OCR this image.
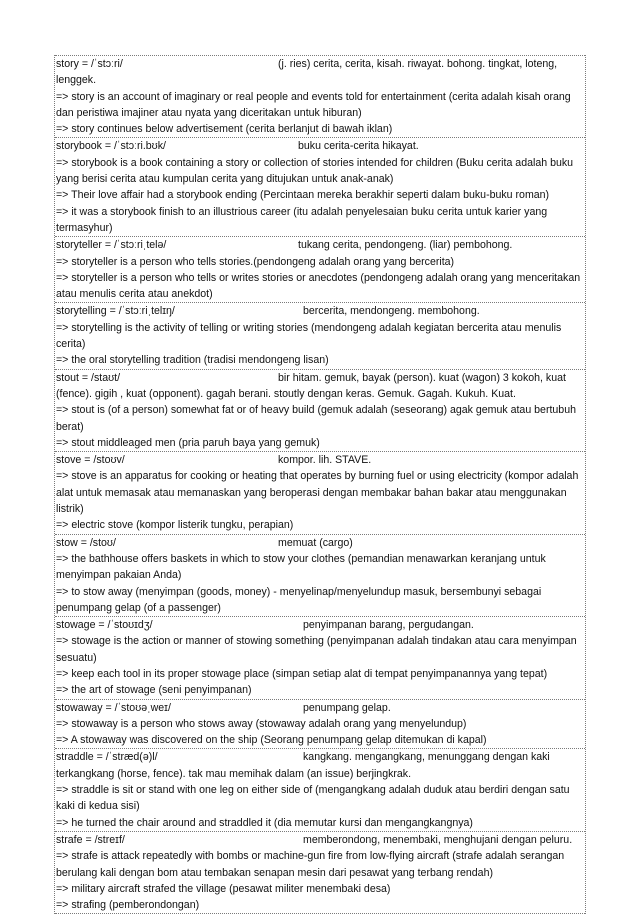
story = /ˈstɔːri/	(j. ries) cerita, cerita, kisah. riwayat. bohong. tingkat, loteng,
lenggek.
=> story is an account of imaginary or real people and events told for entertainment (cerita adalah kisah orang dan peristiwa imajiner atau nyata yang diceritakan untuk hiburan)
=> story continues below advertisement (cerita berlanjut di bawah iklan)
storybook = /ˈstɔːri.bʊk/	buku cerita-cerita hikayat.
=> storybook is a book containing a story or collection of stories intended for children (Buku cerita adalah buku yang berisi cerita atau kumpulan cerita yang ditujukan untuk anak-anak)
=> Their love affair had a storybook ending (Percintaan mereka berakhir seperti dalam buku-buku roman)
=> it was a storybook finish to an illustrious career (itu adalah penyelesaian buku cerita untuk karier yang termasyhur)
storyteller = /ˈstɔːriˌtelə/	tukang cerita, pendongeng. (liar) pembohong.
=> storyteller is a person who tells stories.(pendongeng adalah orang yang bercerita)
=> storyteller is a person who tells or writes stories or anecdotes (pendongeng adalah orang yang menceritakan atau menulis cerita atau anekdot)
storytelling = /ˈstɔːriˌtelɪŋ/	bercerita, mendongeng. membohong.
=> storytelling is the activity of telling or writing stories (mendongeng adalah kegiatan bercerita atau menulis cerita)
=> the oral storytelling tradition (tradisi mendongeng lisan)
stout = /staʊt/	bir hitam. gemuk, bayak (person). kuat (wagon) 3 kokoh, kuat
(fence). gigih , kuat (opponent). gagah berani. stoutly dengan keras. Gemuk. Gagah. Kukuh. Kuat.
=> stout is (of a person) somewhat fat or of heavy build (gemuk adalah (seseorang) agak gemuk atau bertubuh berat)
=> stout middleaged men (pria paruh baya yang gemuk)
stove = /stoʊv/	kompor. lih. STAVE.
=> stove is an apparatus for cooking or heating that operates by burning fuel or using electricity (kompor adalah alat untuk memasak atau memanaskan yang beroperasi dengan membakar bahan bakar atau menggunakan listrik)
=> electric stove (kompor listerik tungku, perapian)
stow = /stoʊ/	memuat (cargo)
=> the bathhouse offers baskets in which to stow your clothes (pemandian menawarkan keranjang untuk menyimpan pakaian Anda)
=> to stow away (menyimpan (goods, money) - menyelinap/menyelundup masuk, bersembunyi sebagai penumpang gelap (of a passenger)
stowage = /ˈstoʊɪdʒ/	penyimpanan barang, pergudangan.
=> stowage is the action or manner of stowing something (penyimpanan adalah tindakan atau cara menyimpan sesuatu)
=> keep each tool in its proper stowage place (simpan setiap alat di tempat penyimpanannya yang tepat)
=> the art of stowage (seni penyimpanan)
stowaway = /ˈstoʊəˌweɪ/	penumpang gelap.
=> stowaway is a person who stows away (stowaway adalah orang yang menyelundup)
=> A stowaway was discovered on the ship (Seorang penumpang gelap ditemukan di kapal)
straddle = /ˈstræd(ə)l/	kangkang. mengangkang, menunggang dengan kaki
terkangkang (horse, fence). tak mau memihak dalam (an issue) berjingkrak.
=> straddle is sit or stand with one leg on either side of (mengangkang adalah duduk atau berdiri dengan satu kaki di kedua sisi)
=> he turned the chair around and straddled it (dia memutar kursi dan mengangkangnya)
strafe = /streɪf/	memberondong, menembaki, menghujani dengan peluru.
=> strafe is attack repeatedly with bombs or machine-gun fire from low-flying aircraft (strafe adalah serangan berulang kali dengan bom atau tembakan senapan mesin dari pesawat yang terbang rendah)
=> military aircraft strafed the village (pesawat militer menembaki desa)
=> strafing (pemberondongan)
